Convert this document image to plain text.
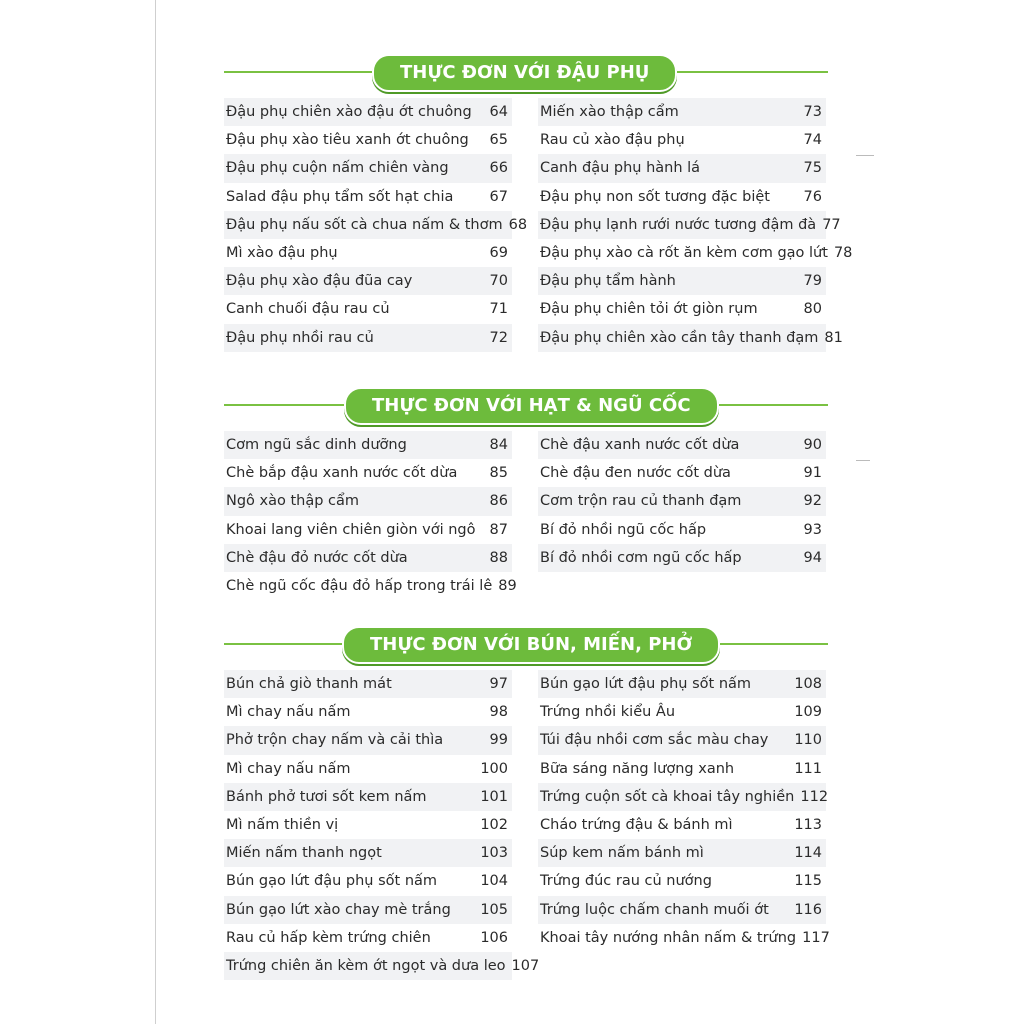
THỰC ĐƠN VỚI ĐẬU PHỤ
Đậu phụ chiên xào đậu ớt chuông	64
Đậu phụ xào tiêu xanh ớt chuông	65
Đậu phụ cuộn nấm chiên vàng	66
Salad đậu phụ tẩm sốt hạt chia	67
Đậu phụ nấu sốt cà chua nấm & thơm 68
Mì xào đậu phụ	69
Đậu phụ xào đậu đũa cay	70
Canh chuối đậu rau củ	71
Đậu phụ nhồi rau củ	72
Miến xào thập cẩm	73
Rau củ xào đậu phụ	74
Canh đậu phụ hành lá	75
Đậu phụ non sốt tương đặc biệt	76
Đậu phụ lạnh rưới nước tương đậm đà 77
Đậu phụ xào cà rốt ăn kèm cơm gạo lứt 78
Đậu phụ tẩm hành	79
Đậu phụ chiên tỏi ớt giòn rụm	80
Đậu phụ chiên xào cần tây thanh đạm 81
THỰC ĐƠN VỚI HẠT & NGŨ CỐC
Cơm ngũ sắc dinh dưỡng	84
Chè bắp đậu xanh nước cốt dừa	85
Ngô xào thập cẩm	86
Khoai lang viên chiên giòn với ngô 87
Chè đậu đỏ nước cốt dừa	88
Chè ngũ cốc đậu đỏ hấp trong trái lê 89
Chè đậu xanh nước cốt dừa	90
Chè đậu đen nước cốt dừa	91
Cơm trộn rau củ thanh đạm	92
Bí đỏ nhồi ngũ cốc hấp	93
Bí đỏ nhồi cơm ngũ cốc hấp	94
THỰC ĐƠN VỚI BÚN, MIẾN, PHỞ
Bún chả giò thanh mát	97
Mì chay nấu nấm	98
Phở trộn chay nấm và cải thìa	99
Mì chay nấu nấm	100
Bánh phở tươi sốt kem nấm	101
Mì nấm thiền vị	102
Miến nấm thanh ngọt	103
Bún gạo lứt đậu phụ sốt nấm	104
Bún gạo lứt xào chay mè trắng	105
Rau củ hấp kèm trứng chiên	106
Trứng chiên ăn kèm ớt ngọt và dưa leo 107
Bún gạo lứt đậu phụ sốt nấm	108
Trứng nhồi kiểu Âu	109
Túi đậu nhồi cơm sắc màu chay	110
Bữa sáng năng lượng xanh	111
Trứng cuộn sốt cà khoai tây nghiền 112
Cháo trứng đậu & bánh mì	113
Súp kem nấm bánh mì	114
Trứng đúc rau củ nướng	115
Trứng luộc chấm chanh muối ớt	116
Khoai tây nướng nhân nấm & trứng 117
